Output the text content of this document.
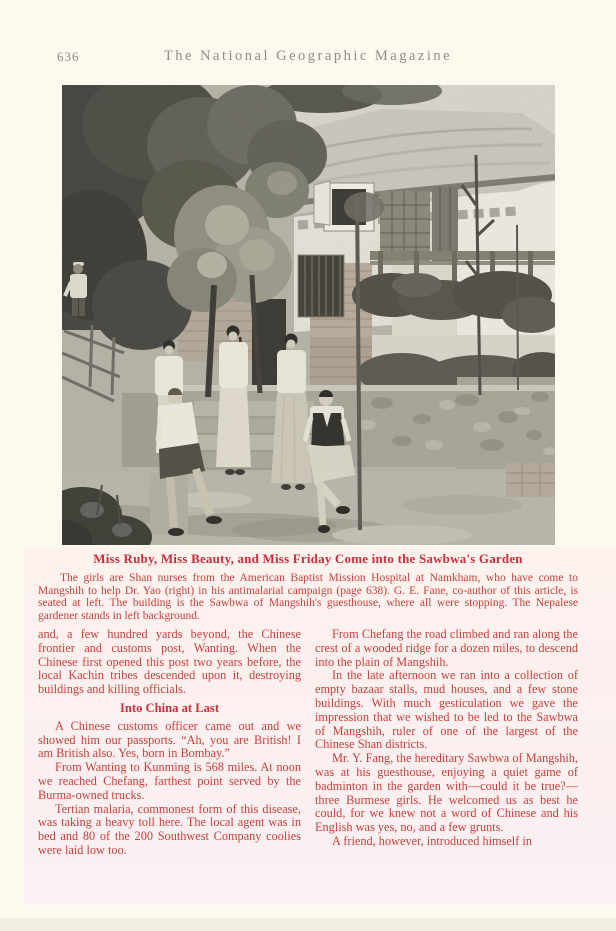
636	The National Geographic Magazine
Miss Ruby, Miss Beauty, and Miss Friday Come into the Sawbwa's Garden

The girls are Shan nurses from the American Baptist Mission Hospital at Namkham, who have come to Mangshih to help Dr. Yao (right) in his antimalarial campaign (page 638). G. E. Fane, co-author of this article, is seated at left. The building is the Sawbwa of Mangshih's guesthouse, where all were stopping. The Nepalese gardener stands in left background.

and, a few hundred yards beyond, the Chinese frontier and customs post, Wanting. When the Chinese first opened this post two years before, the local Kachin tribes descended upon it, destroying buildings and killing officials.

Into China at Last

A Chinese customs officer came out and we showed him our passports. “Ah, you are British! I am British also. Yes, born in Bombay.”

From Wanting to Kunming is 568 miles. At noon we reached Chefang, farthest point served by the Burma-owned trucks.

Tertian malaria, commonest form of this disease, was taking a heavy toll here. The local agent was in bed and 80 of the 200 Southwest Company coolies were laid low too.

From Chefang the road climbed and ran along the crest of a wooded ridge for a dozen miles, to descend into the plain of Mangshih.

In the late afternoon we ran into a collection of empty bazaar stalls, mud houses, and a few stone buildings. With much gesticulation we gave the impression that we wished to be led to the Sawbwa of Mangshih, ruler of one of the largest of the Chinese Shan districts.

Mr. Y. Fang, the hereditary Sawbwa of Mangshih, was at his guesthouse, enjoying a quiet game of badminton in the garden with—could it be true?—three Burmese girls. He welcomed us as best he could, for we knew not a word of Chinese and his English was yes, no, and a few grunts.

A friend, however, introduced himself in
